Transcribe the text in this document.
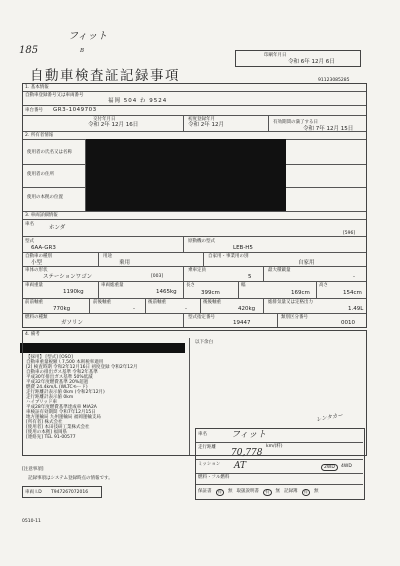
185
フィット
B
印刷年月日
令和 6年 12月 6日
自動車検査証記録事項	91123085285
1. 基本情報
自動車登録番号又は車両番号
福岡 504 わ 9524
車台番号 GR3-1049703
交付年月日
令和 2年 12月 16日
初度登録年月
令和 2年 12月	有効期間の満了する日
令和 7年 12月 15日
2. 所有者情報
使用者の氏名又は名称
使用者の住所
使用の本拠の位置
3. 車両詳細情報
車名
ホンダ
[596]
型式
6AA-GR3
原動機の型式
LEB-H5
自動車の種別
小型
用途
乗用
自家用・事業用の別
自家用
車体の形状
ステーションワゴン	[003]
乗車定員
5
最大積載量
-
車両重量
1190kg
車両総重量
1465kg
長さ
399cm
幅
169cm
高さ
154cm
前前軸重
770kg
前後軸重
-
後前軸重
-
後後軸重
420kg
総排気量又は定格出力
1.49L
燃料の種類
ガソリン
型式指定番号
19447
類別区分番号
0010
4. 備考
以下余白
【採用】 [型式] [OSO]
自動車重量税額 \ 7,500 本則税率適用
[2] 検査時期 令和2年12月16日 初度登録 令和2年12月
自動車の排出ガス基準 令和2年基準
平成30年排出ガス基準 50%低減
平成32年度燃費基準 20%超過
燃費 24.4km/L (WLTCモード)
走行距離計表示値 0km (令和2年12月)
走行距離計表示値 0km
ハイブリッド車
平成28年度燃費基準達成車 MIA2A
車検証有効期間 令和7年12月15日
地方運輸局 九州運輸局 福岡運輸支局
[所有者] 株式会社
[使用者] 本田技研工業株式会社
[使用の本拠] 福岡県
[連絡先] TEL 91-00577
レンタカー
車名	フィット
走行距離	km/(粁)
70,778
ミッション AT	2WD	4WD
燃料・フル燃料
保証書	有	無 取扱説明書	有	無 記録簿	有	無
[注意事項]
記録事項はシステム登録時点の情報です。
車両 I.D T947267072016
0510-11
